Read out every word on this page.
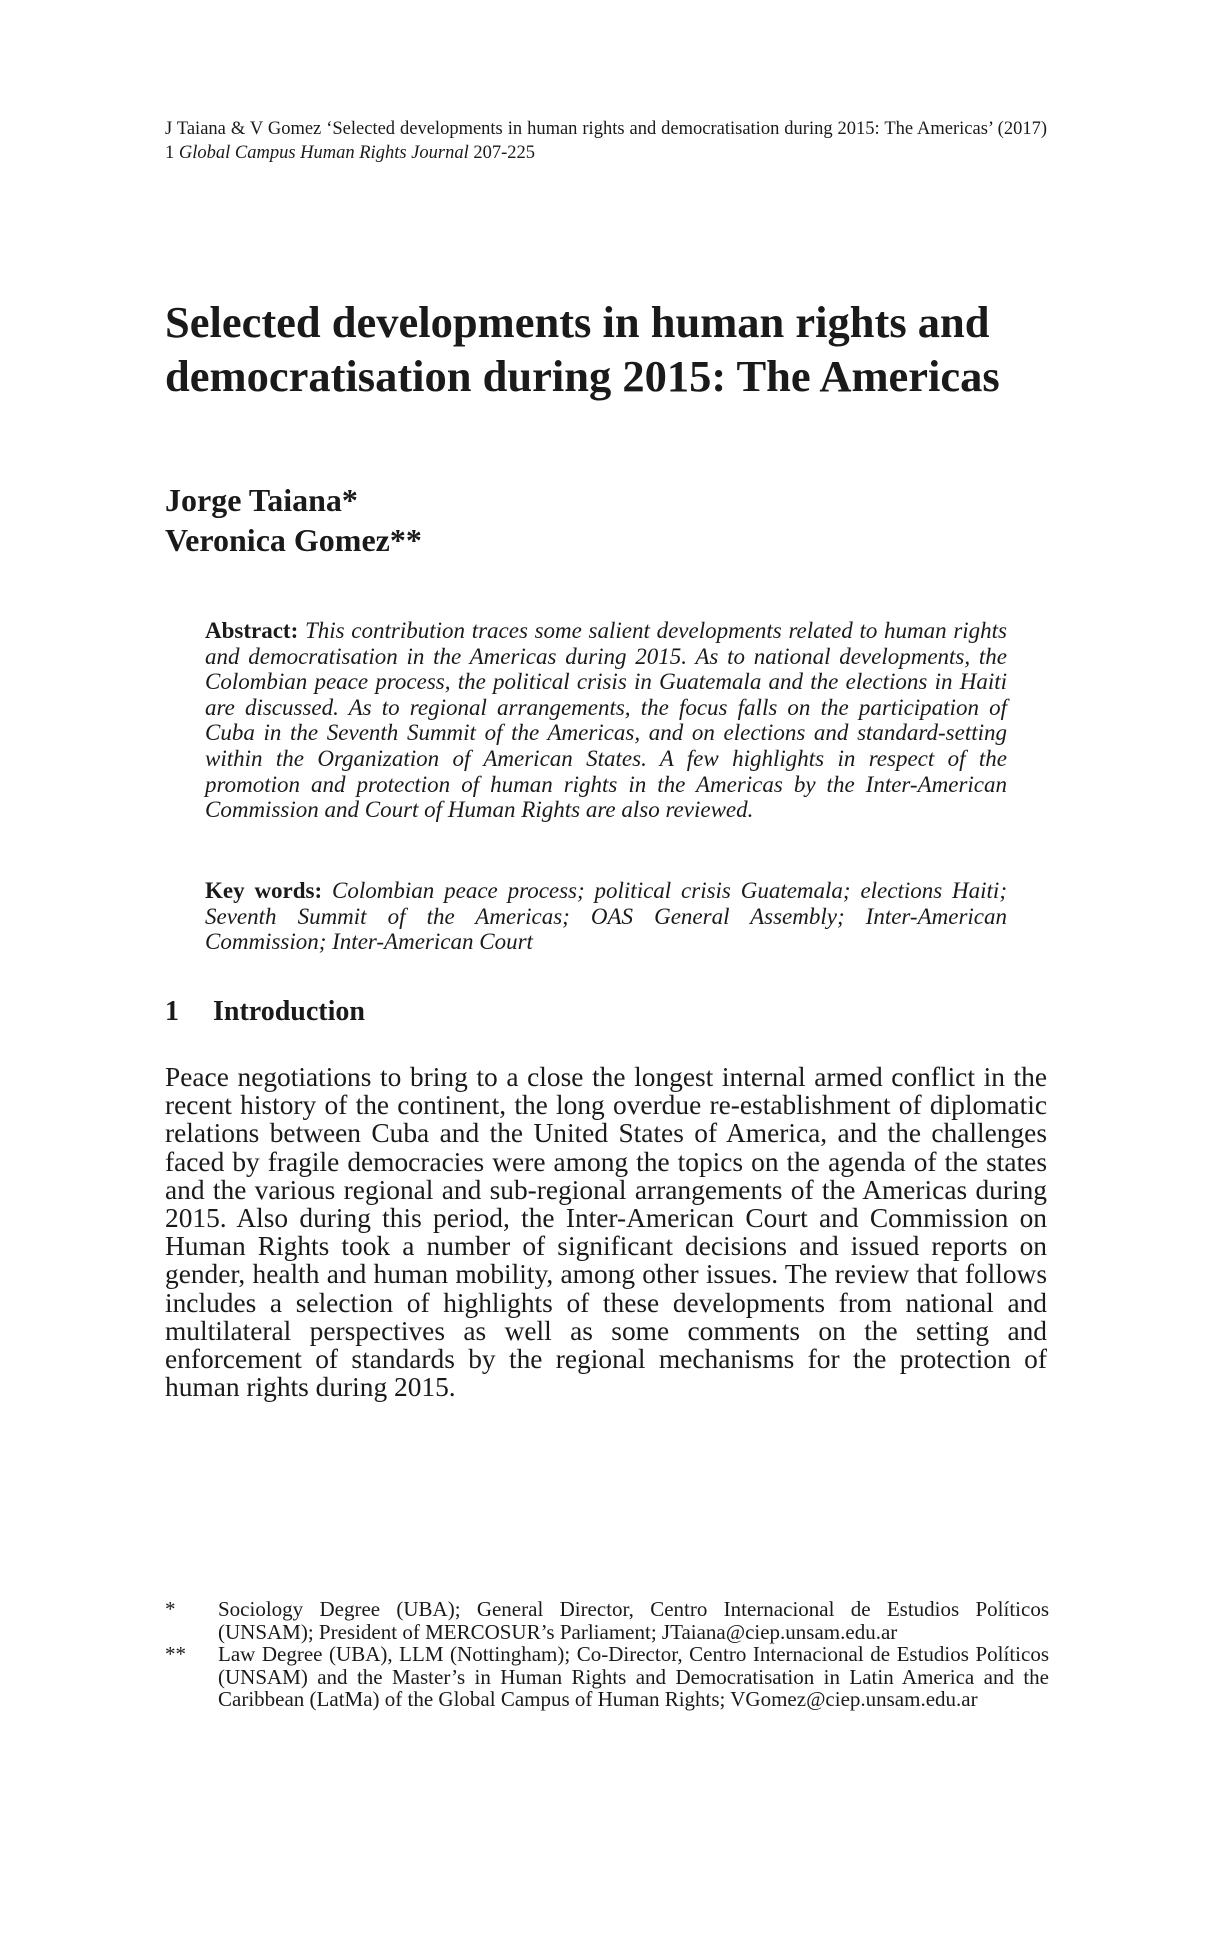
J Taiana & V Gomez ‘Selected developments in human rights and democratisation during 2015: The Americas’ (2017) 1 Global Campus Human Rights Journal 207-225
Selected developments in human rights and democratisation during 2015: The Americas
Jorge Taiana*
Veronica Gomez**

Abstract: This contribution traces some salient developments related to human rights and democratisation in the Americas during 2015. As to national developments, the Colombian peace process, the political crisis in Guatemala and the elections in Haiti are discussed. As to regional arrangements, the focus falls on the participation of Cuba in the Seventh Summit of the Americas, and on elections and standard-setting within the Organization of American States. A few highlights in respect of the promotion and protection of human rights in the Americas by the Inter-American Commission and Court of Human Rights are also reviewed.

Key words: Colombian peace process; political crisis Guatemala; elections Haiti; Seventh Summit of the Americas; OAS General Assembly; Inter-American Commission; Inter-American Court

1 Introduction

Peace negotiations to bring to a close the longest internal armed conflict in the recent history of the continent, the long overdue re-establishment of diplomatic relations between Cuba and the United States of America, and the challenges faced by fragile democracies were among the topics on the agenda of the states and the various regional and sub-regional arrangements of the Americas during 2015. Also during this period, the Inter-American Court and Commission on Human Rights took a number of significant decisions and issued reports on gender, health and human mobility, among other issues. The review that follows includes a selection of highlights of these developments from national and multilateral perspectives as well as some comments on the setting and enforcement of standards by the regional mechanisms for the protection of human rights during 2015.

*	Sociology Degree (UBA); General Director, Centro Internacional de Estudios Políticos (UNSAM); President of MERCOSUR’s Parliament; JTaiana@ciep.unsam.edu.ar
**	Law Degree (UBA), LLM (Nottingham); Co-Director, Centro Internacional de Estudios Políticos (UNSAM) and the Master’s in Human Rights and Democratisation in Latin America and the Caribbean (LatMa) of the Global Campus of Human Rights; VGomez@ciep.unsam.edu.ar
